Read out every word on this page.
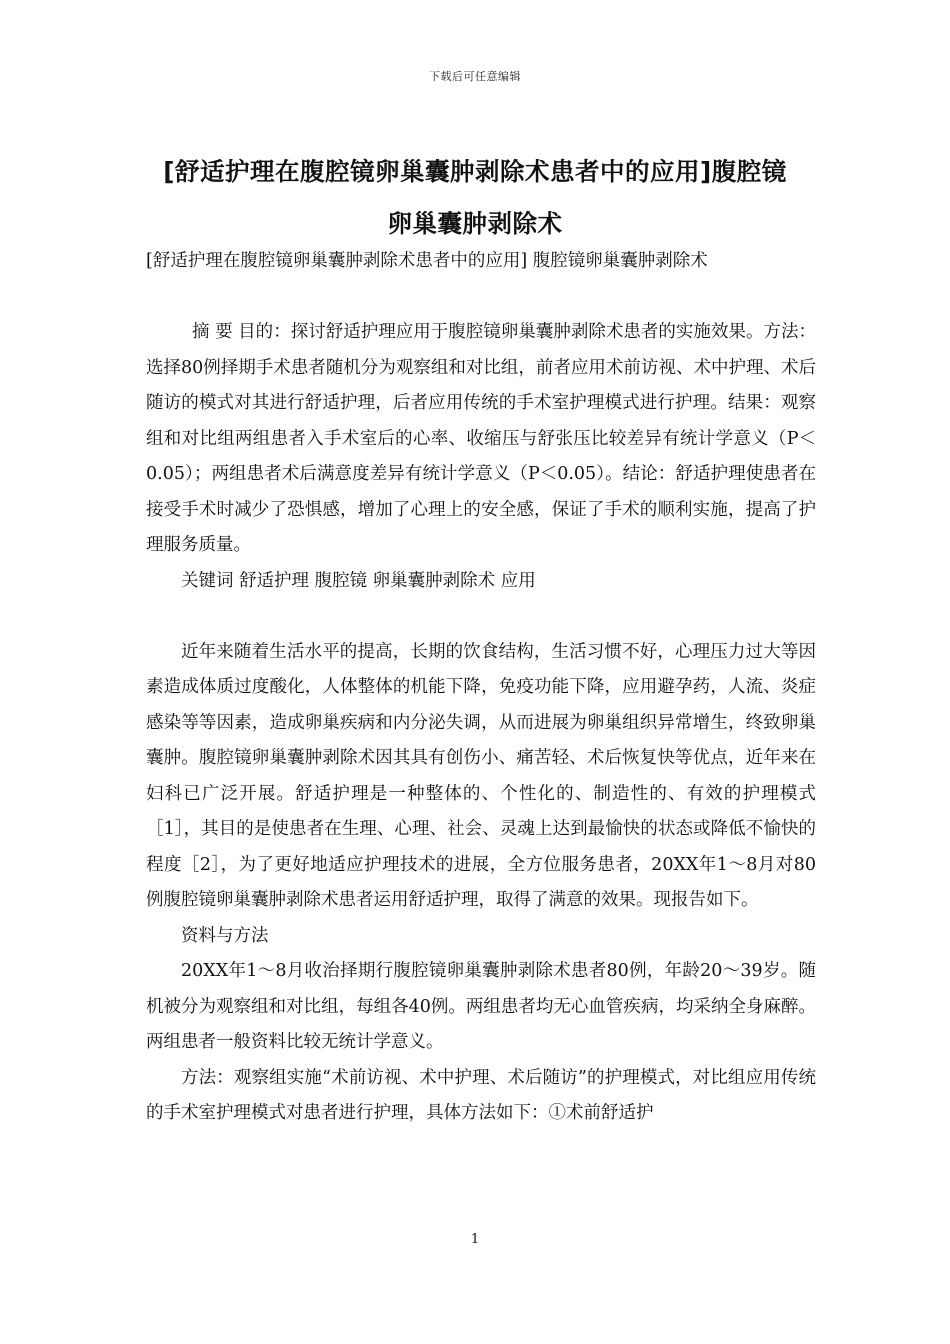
下载后可任意编辑
[舒适护理在腹腔镜卵巢囊肿剥除术患者中的应用]腹腔镜
卵巢囊肿剥除术

[舒适护理在腹腔镜卵巢囊肿剥除术患者中的应用] 腹腔镜卵巢囊肿剥除术

摘 要 目的：探讨舒适护理应用于腹腔镜卵巢囊肿剥除术患者的实施效果。方法：选择80例择期手术患者随机分为观察组和对比组，前者应用术前访视、术中护理、术后随访的模式对其进行舒适护理，后者应用传统的手术室护理模式进行护理。结果：观察组和对比组两组患者入手术室后的心率、收缩压与舒张压比较差异有统计学意义（P＜0.05）；两组患者术后满意度差异有统计学意义（P＜0.05）。结论：舒适护理使患者在接受手术时减少了恐惧感，增加了心理上的安全感，保证了手术的顺利实施，提高了护理服务质量。

关键词 舒适护理 腹腔镜 卵巢囊肿剥除术 应用

近年来随着生活水平的提高，长期的饮食结构，生活习惯不好，心理压力过大等因素造成体质过度酸化，人体整体的机能下降，免疫功能下降，应用避孕药，人流、炎症感染等等因素，造成卵巢疾病和内分泌失调，从而进展为卵巢组织异常增生，终致卵巢囊肿。腹腔镜卵巢囊肿剥除术因其具有创伤小、痛苦轻、术后恢复快等优点，近年来在妇科已广泛开展。舒适护理是一种整体的、个性化的、制造性的、有效的护理模式［1］，其目的是使患者在生理、心理、社会、灵魂上达到最愉快的状态或降低不愉快的程度［2］，为了更好地适应护理技术的进展，全方位服务患者，20XX年1～8月对80例腹腔镜卵巢囊肿剥除术患者运用舒适护理，取得了满意的效果。现报告如下。

资料与方法

20XX年1～8月收治择期行腹腔镜卵巢囊肿剥除术患者80例，年龄20～39岁。随机被分为观察组和对比组，每组各40例。两组患者均无心血管疾病，均采纳全身麻醉。两组患者一般资料比较无统计学意义。

方法：观察组实施“术前访视、术中护理、术后随访”的护理模式，对比组应用传统的手术室护理模式对患者进行护理，具体方法如下：①术前舒适护

1
